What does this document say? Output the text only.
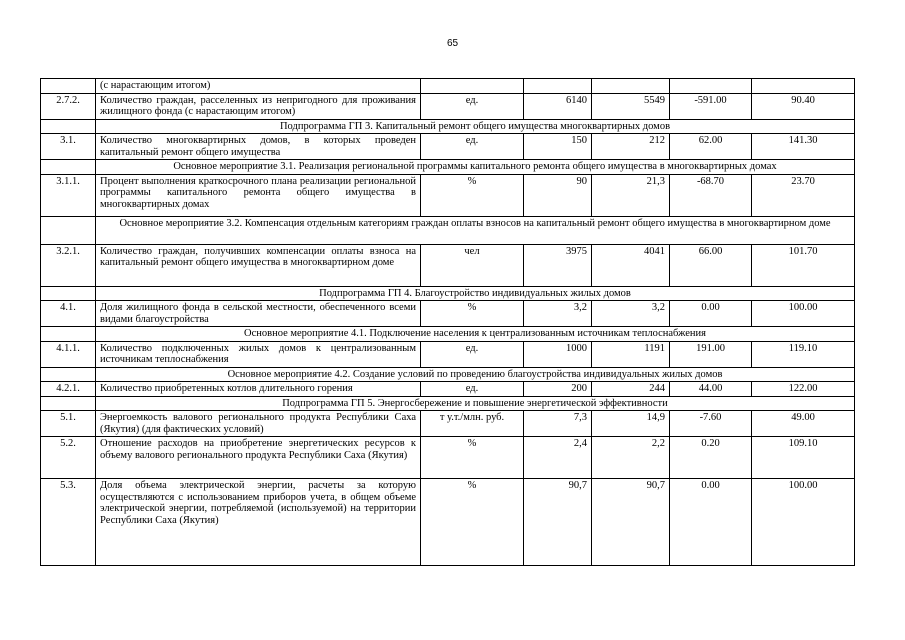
65
	(с нарастающим итогом)					
2.7.2.	Количество граждан, расселенных из непригодного для проживания жилищного фонда (с нарастающим итогом)	ед.	6140	5549	-591.00	90.40
	Подпрограмма ГП 3. Капитальный ремонт общего имущества многоквартирных домов					
3.1.	Количество многоквартирных домов, в которых проведен капитальный ремонт общего имущества	ед.	150	212	62.00	141.30
	Основное мероприятие 3.1. Реализация региональной программы капитального ремонта общего имущества в многоквартирных домах					
3.1.1.	Процент выполнения краткосрочного плана реализации региональной программы капитального ремонта общего имущества в многоквартирных домах	%	90	21,3	-68.70	23.70
	Основное мероприятие 3.2. Компенсация отдельным категориям граждан оплаты взносов на капитальный ремонт общего имущества в многоквартирном доме					
3.2.1.	Количество граждан, получивших компенсации оплаты взноса на капитальный ремонт общего имущества в многоквартирном доме	чел	3975	4041	66.00	101.70
	Подпрограмма ГП 4. Благоустройство индивидуальных жилых домов					
4.1.	Доля жилищного фонда в сельской местности, обеспеченного всеми видами благоустройства	%	3,2	3,2	0.00	100.00
	Основное мероприятие 4.1. Подключение населения к централизованным источникам теплоснабжения					
4.1.1.	Количество подключенных жилых домов к централизованным источникам теплоснабжения	ед.	1000	1191	191.00	119.10
	Основное мероприятие 4.2. Создание условий по проведению благоустройства индивидуальных жилых домов					
4.2.1.	Количество приобретенных котлов длительного горения	ед.	200	244	44.00	122.00
	Подпрограмма ГП 5. Энергосбережение и повышение энергетической эффективности					
5.1.	Энергоемкость валового регионального продукта Республики Саха (Якутия) (для фактических условий)	т у.т./млн. руб.	7,3	14,9	-7.60	49.00
5.2.	Отношение расходов на приобретение энергетических ресурсов к объему валового регионального продукта Республики Саха (Якутия)	%	2,4	2,2	0.20	109.10
5.3.	Доля объема электрической энергии, расчеты за которую осуществляются с использованием приборов учета, в общем объеме электрической энергии, потребляемой (используемой) на территории Республики Саха (Якутия)	%	90,7	90,7	0.00	100.00
